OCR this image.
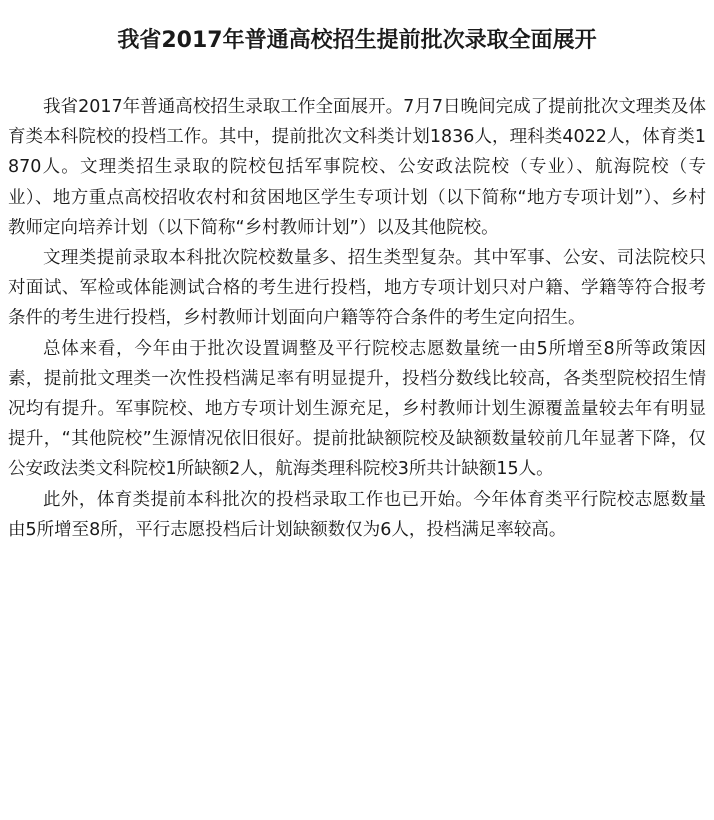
我省2017年普通高校招生提前批次录取全面展开

我省2017年普通高校招生录取工作全面展开。7月7日晚间完成了提前批次文理类及体育类本科院校的投档工作。其中，提前批次文科类计划1836人，理科类4022人，体育类1870人。文理类招生录取的院校包括军事院校、公安政法院校（专业）、航海院校（专业）、地方重点高校招收农村和贫困地区学生专项计划（以下简称“地方专项计划”）、乡村教师定向培养计划（以下简称“乡村教师计划”）以及其他院校。

文理类提前录取本科批次院校数量多、招生类型复杂。其中军事、公安、司法院校只对面试、军检或体能测试合格的考生进行投档，地方专项计划只对户籍、学籍等符合报考条件的考生进行投档，乡村教师计划面向户籍等符合条件的考生定向招生。

总体来看，今年由于批次设置调整及平行院校志愿数量统一由5所增至8所等政策因素，提前批文理类一次性投档满足率有明显提升，投档分数线比较高，各类型院校招生情况均有提升。军事院校、地方专项计划生源充足，乡村教师计划生源覆盖量较去年有明显提升，“其他院校”生源情况依旧很好。提前批缺额院校及缺额数量较前几年显著下降，仅公安政法类文科院校1所缺额2人，航海类理科院校3所共计缺额15人。

此外，体育类提前本科批次的投档录取工作也已开始。今年体育类平行院校志愿数量由5所增至8所，平行志愿投档后计划缺额数仅为6人，投档满足率较高。
